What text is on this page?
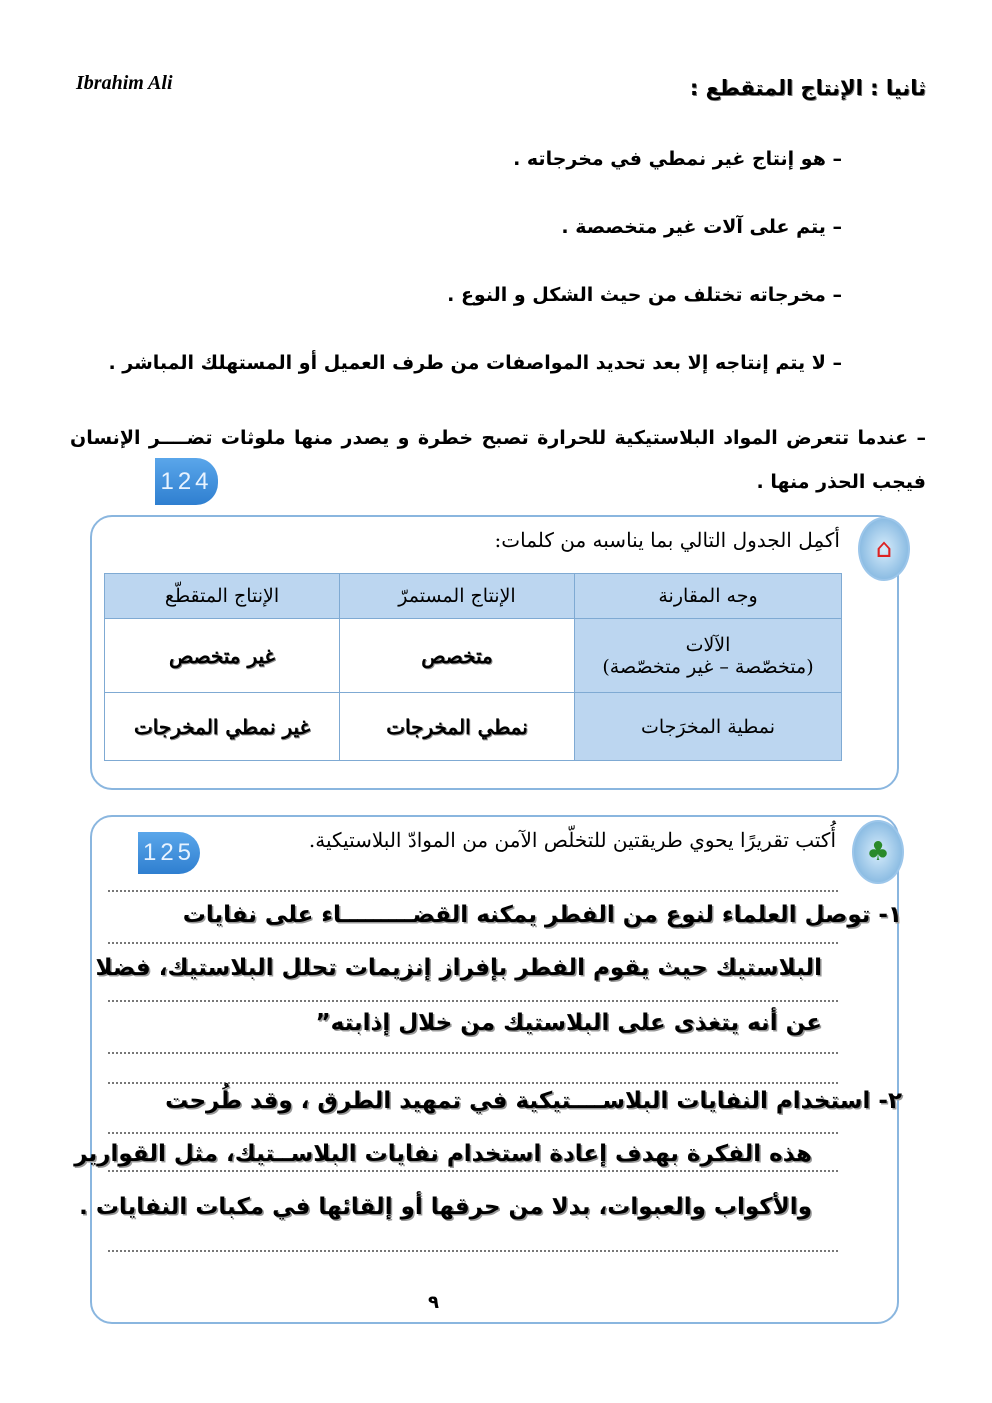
Ibrahim Ali	ثانيا : الإنتاج المتقطع :
– هو إنتاج غير نمطي في مخرجاته .
– يتم على آلات غير متخصصة .
– مخرجاته تختلف من حيث الشكل و النوع .
– لا يتم إنتاجه إلا بعد تحديد المواصفات من طرف العميل أو المستهلك المباشر .
– عندما تتعرض المواد البلاستيكية للحرارة تصبح خطرة و يصدر منها ملوثات تضــــر الإنسان فيجب الحذر منها .
124
⌂
أكمِل الجدول التالي بما يناسبه من كلمات:
الإنتاج المتقطّع	الإنتاج المستمرّ	وجه المقارنة
غير متخصص	متخصص	الآلات
(متخصّصة – غير متخصّصة)

غير نمطي المخرجات	نمطي المخرجات	نمطية المخرَجات
♣
أُكتب تقريرًا يحوي طريقتين للتخلّص الآمن من الموادّ البلاستيكية.
125
١- توصل العلماء لنوع من الفطر يمكنه القضـــــــــاء على نفايات
البلاستيك حيث يقوم الفطر بإفراز إنزيمات تحلل البلاستيك، فضلا
عن أنه يتغذى على البلاستيك من خلال إذابته”
٢- استخدام النفايات البلاســــتيكية في تمهيد الطرق ، وقد طُرحت
هذه الفكرة بهدف إعادة استخدام نفايات البلاســتيك، مثل القوارير
والأكواب والعبوات، بدلا من حرقها أو إلقائها في مكبات النفايات .
٩
